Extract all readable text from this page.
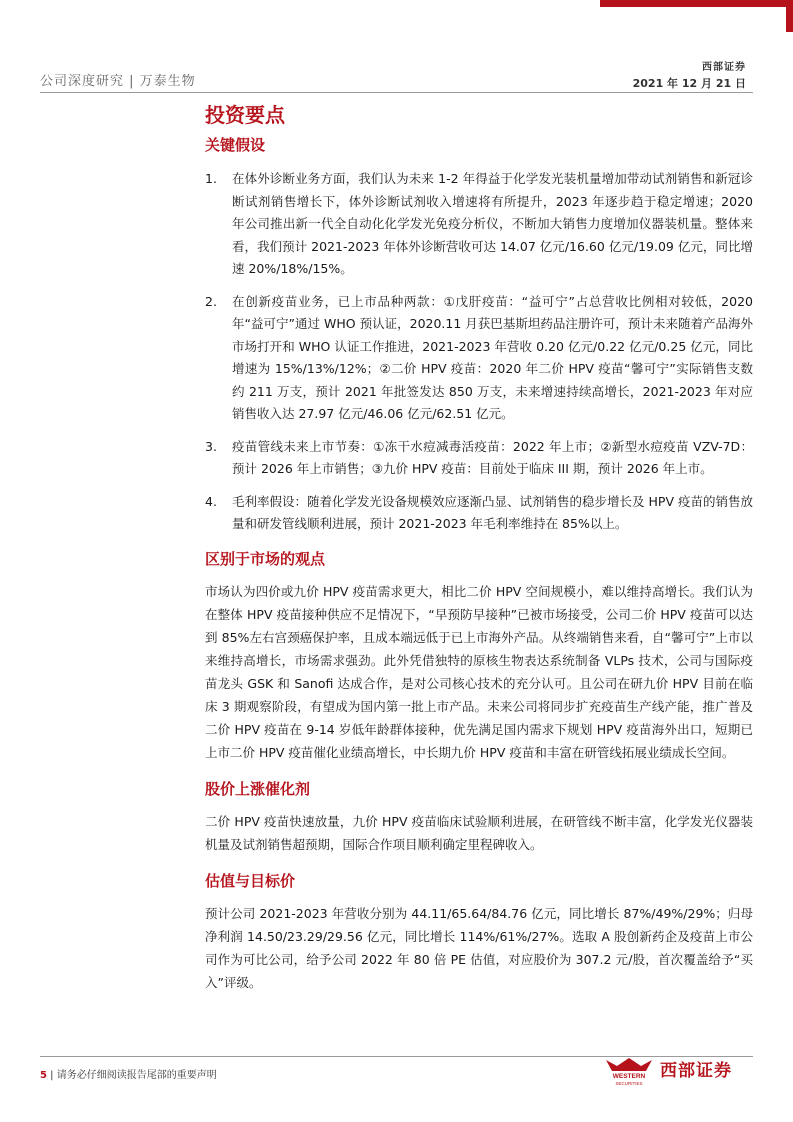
公司深度研究 | 万泰生物
西部证券
2021 年 12 月 21 日
投资要点
关键假设
1. 在体外诊断业务方面，我们认为未来 1-2 年得益于化学发光装机量增加带动试剂销售和新冠诊断试剂销售增长下，体外诊断试剂收入增速将有所提升，2023 年逐步趋于稳定增速；2020 年公司推出新一代全自动化化学发光免疫分析仪，不断加大销售力度增加仪器装机量。整体来看，我们预计 2021-2023 年体外诊断营收可达 14.07 亿元/16.60 亿元/19.09 亿元，同比增速 20%/18%/15%。
2. 在创新疫苗业务，已上市品种两款：①戊肝疫苗：“益可宁”占总营收比例相对较低，2020 年“益可宁”通过 WHO 预认证，2020.11 月获巴基斯坦药品注册许可，预计未来随着产品海外市场打开和 WHO 认证工作推进，2021-2023 年营收 0.20 亿元/0.22 亿元/0.25 亿元，同比增速为 15%/13%/12%；②二价 HPV 疫苗：2020 年二价 HPV 疫苗“馨可宁”实际销售支数约 211 万支，预计 2021 年批签发达 850 万支，未来增速持续高增长，2021-2023 年对应销售收入达 27.97 亿元/46.06 亿元/62.51 亿元。
3. 疫苗管线未来上市节奏：①冻干水痘减毒活疫苗：2022 年上市；②新型水痘疫苗 VZV-7D：预计 2026 年上市销售；③九价 HPV 疫苗：目前处于临床 III 期，预计 2026 年上市。
4. 毛利率假设：随着化学发光设备规模效应逐渐凸显、试剂销售的稳步增长及 HPV 疫苗的销售放量和研发管线顺利进展，预计 2021-2023 年毛利率维持在 85%以上。
区别于市场的观点

市场认为四价或九价 HPV 疫苗需求更大，相比二价 HPV 空间规模小，难以维持高增长。我们认为在整体 HPV 疫苗接种供应不足情况下，“早预防早接种”已被市场接受，公司二价 HPV 疫苗可以达到 85%左右宫颈癌保护率，且成本端远低于已上市海外产品。从终端销售来看，自“馨可宁”上市以来维持高增长，市场需求强劲。此外凭借独特的原核生物表达系统制备 VLPs 技术，公司与国际疫苗龙头 GSK 和 Sanofi 达成合作，是对公司核心技术的充分认可。且公司在研九价 HPV 目前在临床 3 期观察阶段，有望成为国内第一批上市产品。未来公司将同步扩充疫苗生产线产能，推广普及二价 HPV 疫苗在 9-14 岁低年龄群体接种，优先满足国内需求下规划 HPV 疫苗海外出口，短期已上市二价 HPV 疫苗催化业绩高增长，中长期九价 HPV 疫苗和丰富在研管线拓展业绩成长空间。

股价上涨催化剂

二价 HPV 疫苗快速放量，九价 HPV 疫苗临床试验顺利进展，在研管线不断丰富，化学发光仪器装机量及试剂销售超预期，国际合作项目顺利确定里程碑收入。

估值与目标价

预计公司 2021-2023 年营收分别为 44.11/65.64/84.76 亿元，同比增长 87%/49%/29%；归母净利润 14.50/23.29/29.56 亿元，同比增长 114%/61%/27%。选取 A 股创新药企及疫苗上市公司作为可比公司，给予公司 2022 年 80 倍 PE 估值，对应股价为 307.2 元/股，首次覆盖给予“买入”评级。

5 | 请务必仔细阅读报告尾部的重要声明	WESTERN
SECURITIES
西部证券
